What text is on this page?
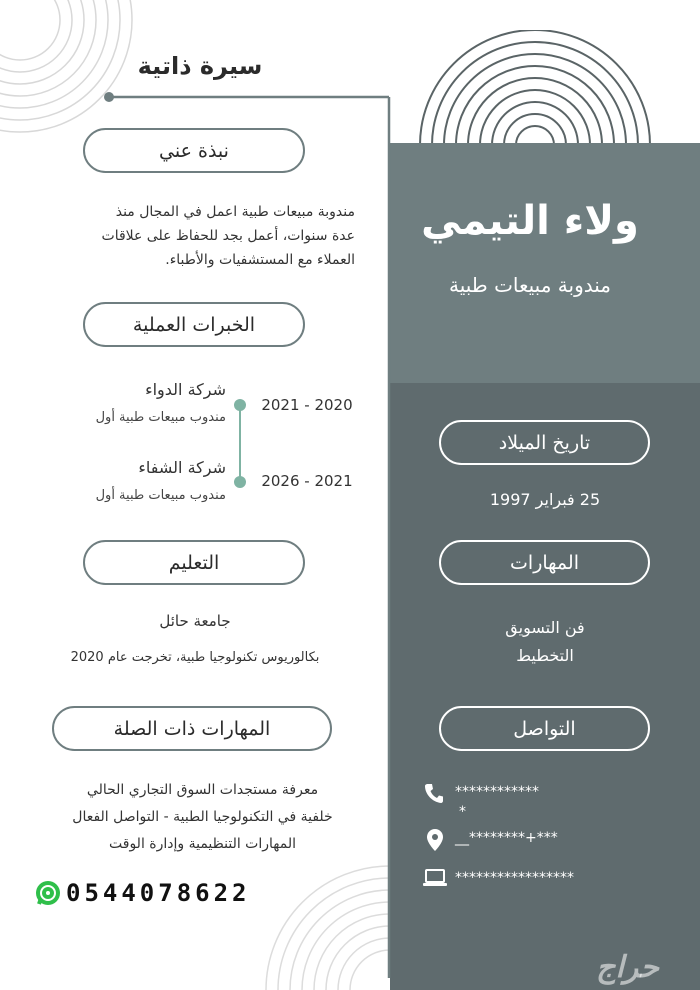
سيرة ذاتية
ولاء التيمي
مندوبة مبيعات طبية
نبذة عني
مندوبة مبيعات طبية اعمل في المجال منذ
عدة سنوات، أعمل بجد للحفاظ على علاقات
العملاء مع المستشفيات والأطباء.
الخبرات العملية
شركة الدواء
مندوب مبيعات طبية أول
2020 - 2021
شركة الشفاء
مندوب مبيعات طبية أول
2021 - 2026
التعليم
جامعة حائل
بكالوريوس تكنولوجيا طبية، تخرجت عام 2020
المهارات ذات الصلة
معرفة مستجدات السوق التجاري الحالي
خلفية في التكنولوجيا الطبية - التواصل الفعال
المهارات التنظيمية وإدارة الوقت
0544078622
تاريخ الميلاد
25 فبراير 1997
المهارات
فن التسويق
التخطيط
التواصل
************
*
__********+***
*****************
حراج
